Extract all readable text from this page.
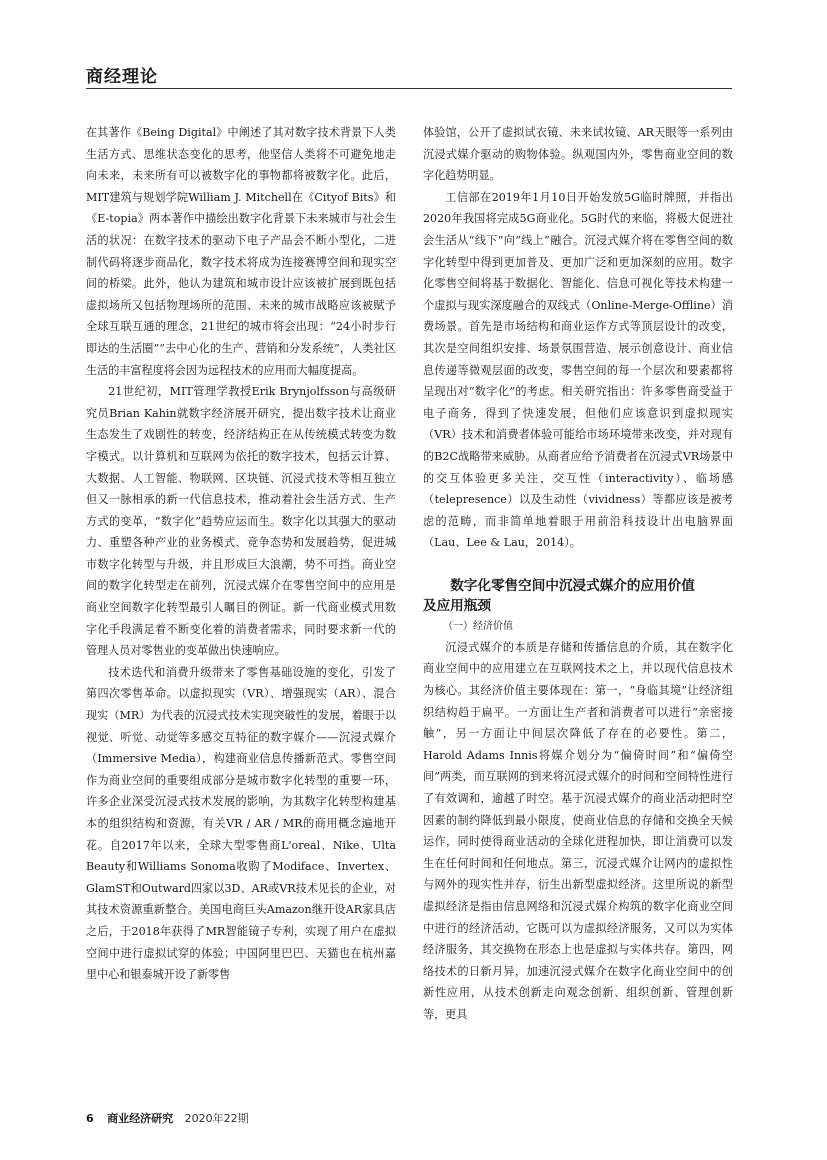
商经理论

在其著作《Being Digital》中阐述了其对数字技术背景下人类生活方式、思维状态变化的思考，他坚信人类将不可避免地走向未来，未来所有可以被数字化的事物都将被数字化。此后，MIT建筑与规划学院William J. Mitchell在《Cityof Bits》和《E-topia》两本著作中描绘出数字化背景下未来城市与社会生活的状况：在数字技术的驱动下电子产品会不断小型化，二进制代码将逐步商品化，数字技术将成为连接赛博空间和现实空间的桥梁。此外，他认为建筑和城市设计应该被扩展到既包括虚拟场所又包括物理场所的范围、未来的城市战略应该被赋予全球互联互通的理念，21世纪的城市将会出现：“24小时步行即达的生活圈”“去中心化的生产、营销和分发系统”，人类社区生活的丰富程度将会因为远程技术的应用而大幅度提高。

21世纪初，MIT管理学教授Erik Brynjolfsson与高级研究员Brian Kahin就数字经济展开研究，提出数字技术让商业生态发生了戏剧性的转变，经济结构正在从传统模式转变为数字模式。以计算机和互联网为依托的数字技术，包括云计算、大数据、人工智能、物联网、区块链、沉浸式技术等相互独立但又一脉相承的新一代信息技术，推动着社会生活方式、生产方式的变革，“数字化”趋势应运而生。数字化以其强大的驱动力、重塑各种产业的业务模式、竞争态势和发展趋势，促进城市数字化转型与升级，并且形成巨大浪潮，势不可挡。商业空间的数字化转型走在前列，沉浸式媒介在零售空间中的应用是商业空间数字化转型最引人瞩目的例证。新一代商业模式用数字化手段满足着不断变化着的消费者需求，同时要求新一代的管理人员对零售业的变革做出快速响应。

技术迭代和消费升级带来了零售基础设施的变化，引发了第四次零售革命。以虚拟现实（VR）、增强现实（AR）、混合现实（MR）为代表的沉浸式技术实现突破性的发展，着眼于以视觉、听觉、动觉等多感交互特征的数字媒介——沉浸式媒介（Immersive Media），构建商业信息传播新范式。零售空间作为商业空间的重要组成部分是城市数字化转型的重要一环，许多企业深受沉浸式技术发展的影响，为其数字化转型构建基本的组织结构和资源，有关VR / AR / MR的商用概念遍地开花。自2017年以来，全球大型零售商L'oreal、Nike、Ulta Beauty和Williams Sonoma收购了Modiface、Invertex、GlamST和Outward四家以3D、AR或VR技术见长的企业，对其技术资源重新整合。美国电商巨头Amazon继开设AR家具店之后，于2018年获得了MR智能镜子专利，实现了用户在虚拟空间中进行虚拟试穿的体验；中国阿里巴巴、天猫也在杭州嘉里中心和银泰城开设了新零售

体验馆，公开了虚拟试衣镜、未来试妆镜、AR天眼等一系列由沉浸式媒介驱动的购物体验。纵观国内外，零售商业空间的数字化趋势明显。

工信部在2019年1月10日开始发放5G临时牌照，并指出2020年我国将完成5G商业化。5G时代的来临，将极大促进社会生活从“线下”向“线上”融合。沉浸式媒介将在零售空间的数字化转型中得到更加普及、更加广泛和更加深刻的应用。数字化零售空间将基于数据化、智能化、信息可视化等技术构建一个虚拟与现实深度融合的双线式（Online-Merge-Offline）消费场景。首先是市场结构和商业运作方式等顶层设计的改变，其次是空间组织安排、场景氛围营造、展示创意设计、商业信息传递等微观层面的改变，零售空间的每一个层次和要素都将呈现出对“数字化”的考虑。相关研究指出：许多零售商受益于电子商务，得到了快速发展，但他们应该意识到虚拟现实（VR）技术和消费者体验可能给市场环境带来改变，并对现有的B2C战略带来威胁。从商者应给予消费者在沉浸式VR场景中的交互体验更多关注，交互性（interactivity）、临场感（telepresence）以及生动性（vividness）等都应该是被考虑的范畴，而非简单地着眼于用前沿科技设计出电脑界面（Lau、Lee & Lau，2014）。

数字化零售空间中沉浸式媒介的应用价值
及应用瓶颈

（一）经济价值

沉浸式媒介的本质是存储和传播信息的介质，其在数字化商业空间中的应用建立在互联网技术之上，并以现代信息技术为核心。其经济价值主要体现在：第一，“身临其境”让经济组织结构趋于扁平。一方面让生产者和消费者可以进行“亲密接触”，另一方面让中间层次降低了存在的必要性。第二，Harold Adams Innis将媒介划分为“偏倚时间”和“偏倚空间”两类，而互联网的到来将沉浸式媒介的时间和空间特性进行了有效调和，逾越了时空。基于沉浸式媒介的商业活动把时空因素的制约降低到最小限度，使商业信息的存储和交换全天候运作，同时使得商业活动的全球化进程加快，即让消费可以发生在任何时间和任何地点。第三，沉浸式媒介让网内的虚拟性与网外的现实性并存，衍生出新型虚拟经济。这里所说的新型虚拟经济是指由信息网络和沉浸式媒介构筑的数字化商业空间中进行的经济活动，它既可以为虚拟经济服务，又可以为实体经济服务，其交换物在形态上也是虚拟与实体共存。第四，网络技术的日新月异，加速沉浸式媒介在数字化商业空间中的创新性应用，从技术创新走向观念创新、组织创新、管理创新等，更具

6 商业经济研究 2020年22期
